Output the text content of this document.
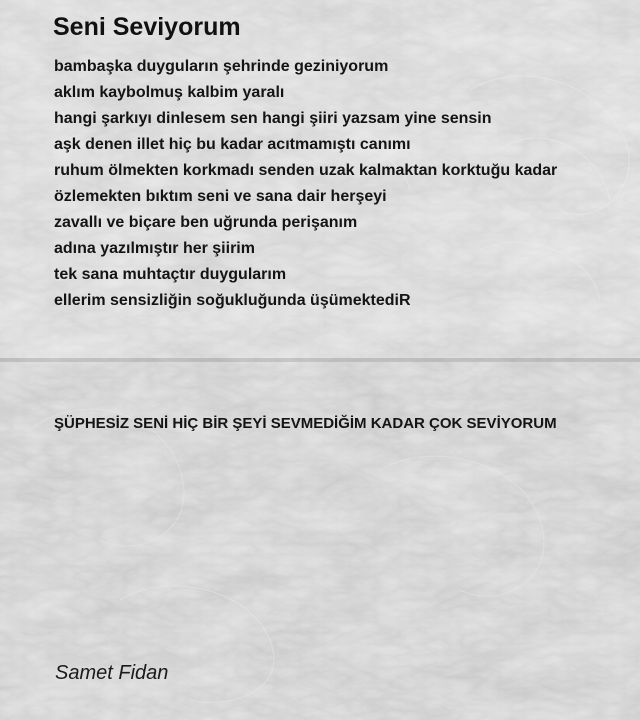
Seni Seviyorum
bambaşka duyguların şehrinde geziniyorum
aklım kaybolmuş kalbim yaralı
hangi şarkıyı dinlesem sen hangi şiiri yazsam yine sensin
aşk denen illet hiç bu kadar acıtmamıştı canımı
ruhum ölmekten korkmadı senden uzak kalmaktan korktuğu kadar
özlemekten bıktım seni ve sana dair herşeyi
zavallı ve biçare ben uğrunda perişanım
adına yazılmıştır her şiirim
tek sana muhtaçtır duygularım
ellerim sensizliğin soğukluğunda üşümektediR

ŞÜPHESİZ SENİ HİÇ BİR ŞEYİ SEVMEDİĞİM KADAR ÇOK SEVİYORUM

Samet Fidan
